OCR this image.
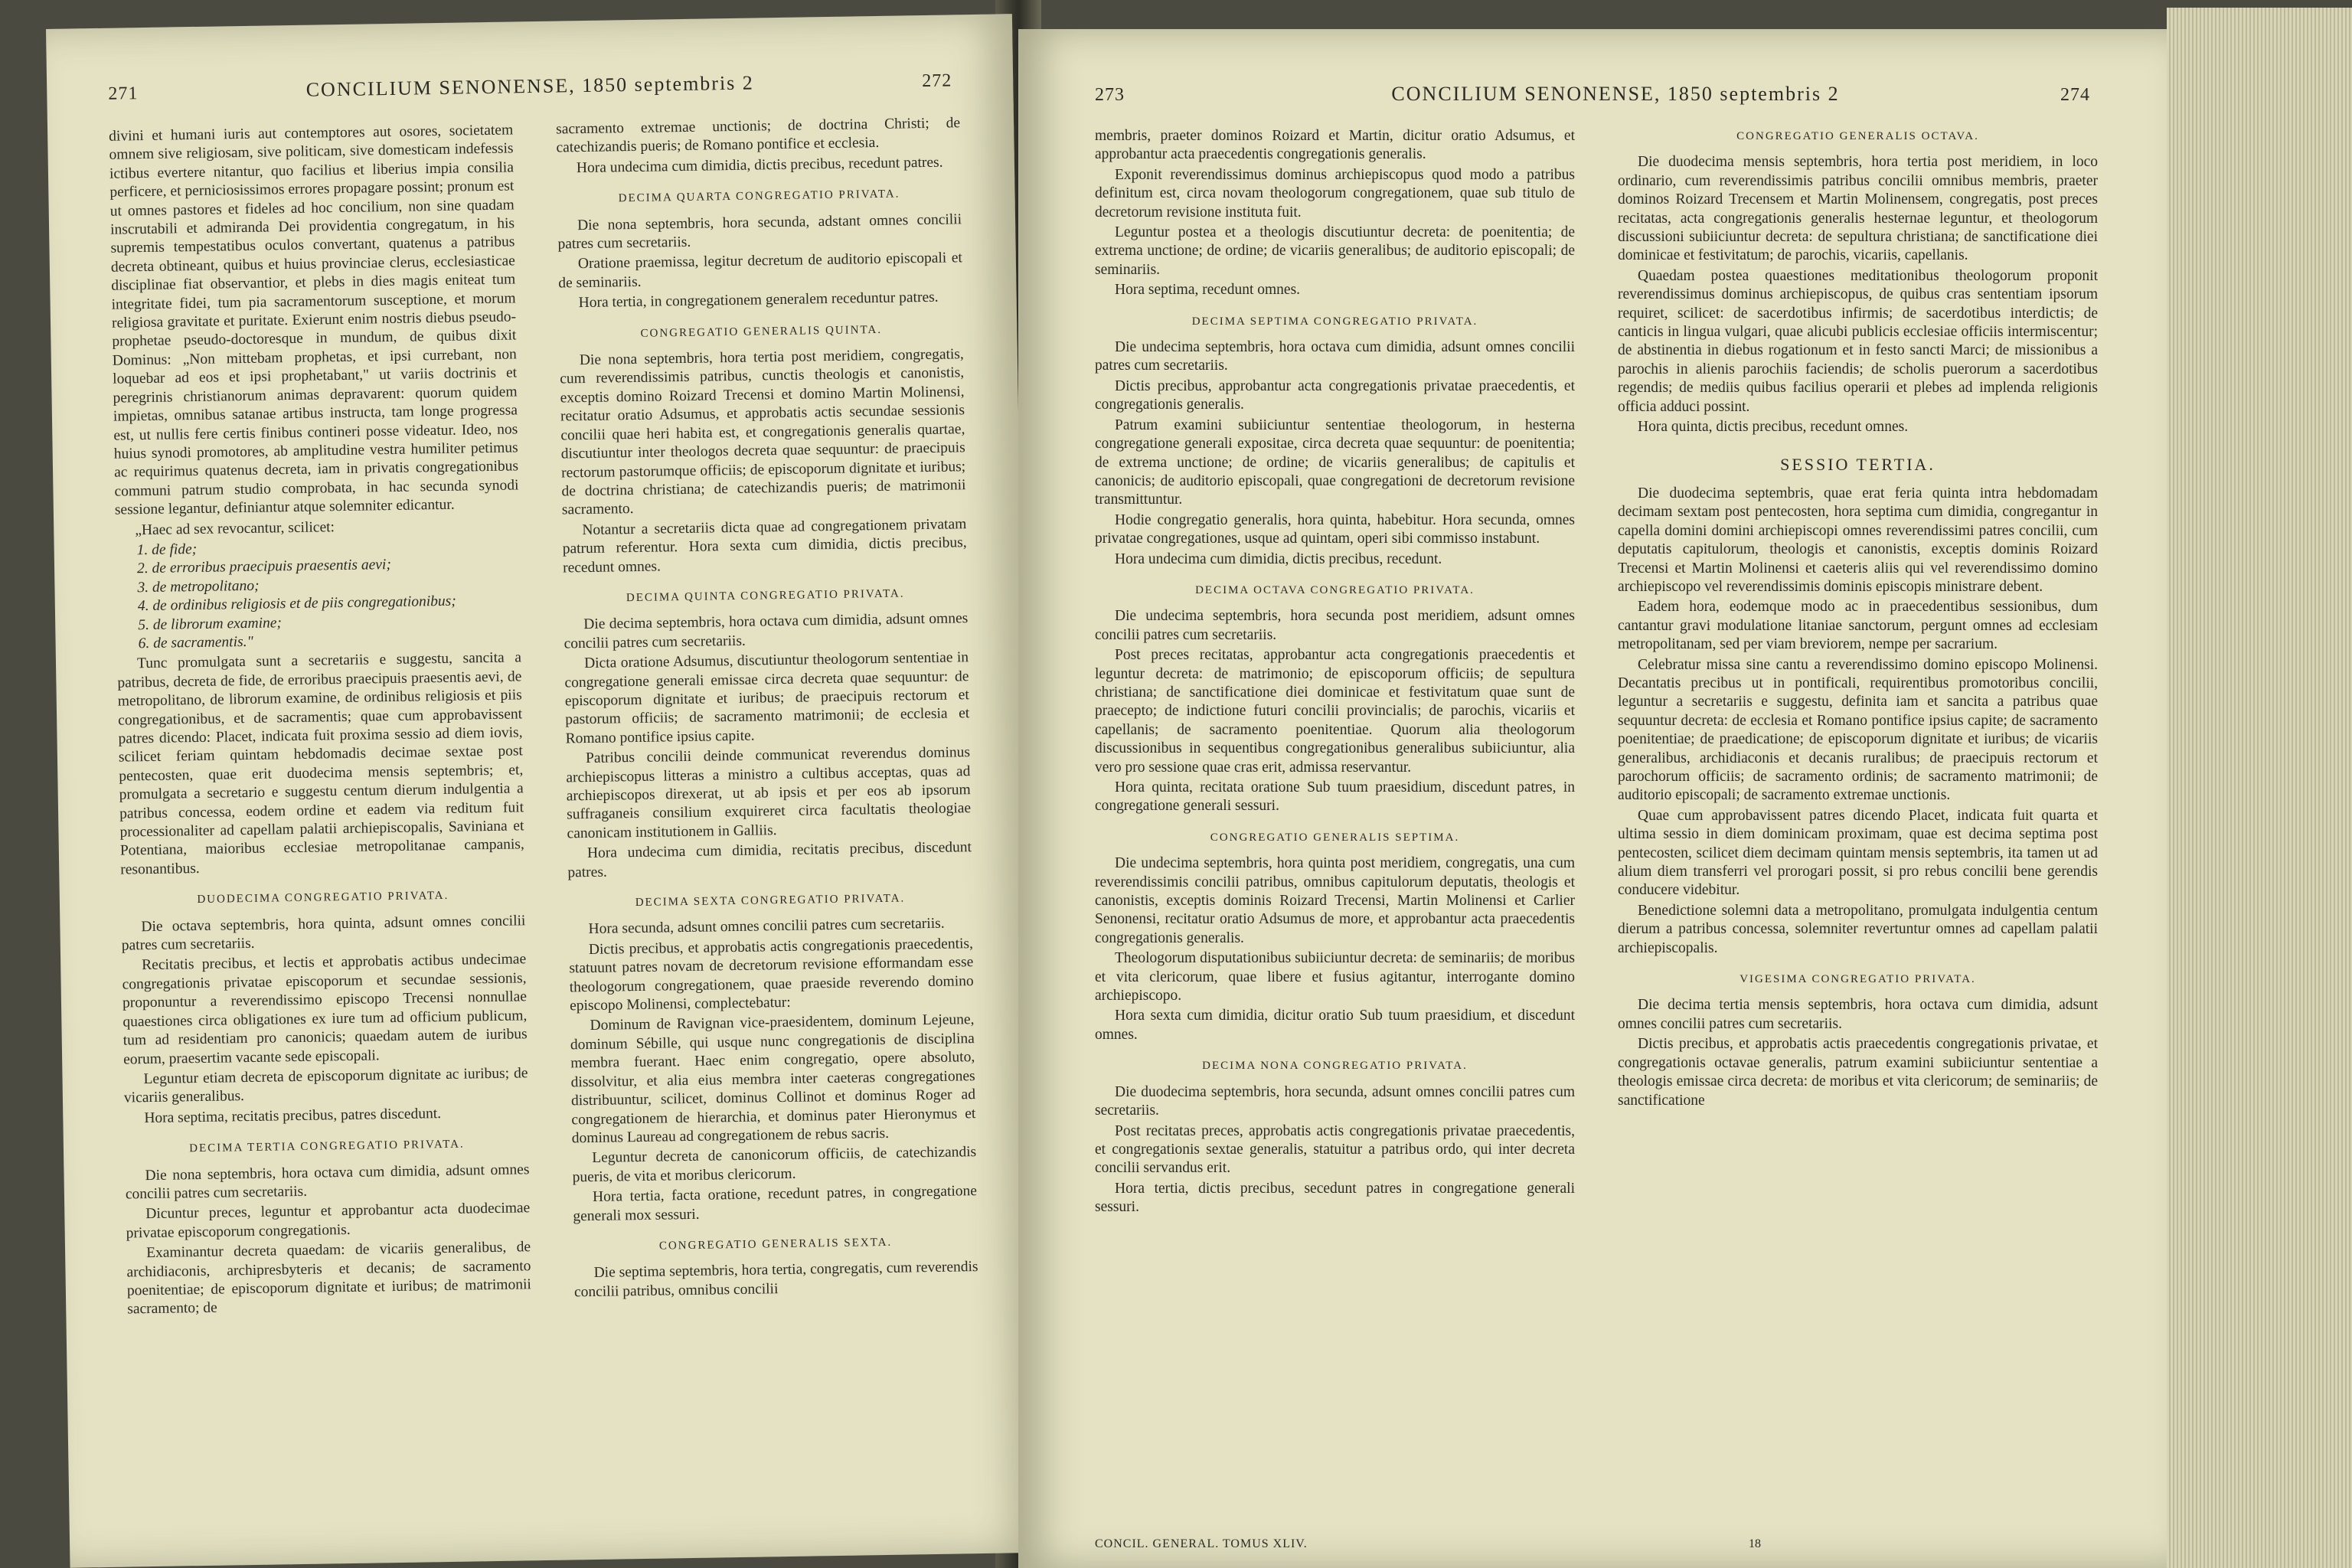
271	CONCILIUM SENONENSE, 1850 septembris 2	272

divini et humani iuris aut contemptores aut osores, societatem omnem sive religiosam, sive politicam, sive domesticam indefessis ictibus evertere nitantur, quo facilius et liberius impia consilia perficere, et perniciosissimos errores propagare possint; pronum est ut omnes pastores et fideles ad hoc concilium, non sine quadam inscrutabili et admiranda Dei providentia congregatum, in his supremis tempestatibus oculos convertant, quatenus a patribus decreta obtineant, quibus et huius provinciae clerus, ecclesiasticae disciplinae fiat observantior, et plebs in dies magis eniteat tum integritate fidei, tum pia sacramentorum susceptione, et morum religiosa gravitate et puritate. Exierunt enim nostris diebus pseudo-prophetae pseudo-doctoresque in mundum, de quibus dixit Dominus: „Non mittebam prophetas, et ipsi currebant, non loquebar ad eos et ipsi prophetabant," ut variis doctrinis et peregrinis christianorum animas depravarent: quorum quidem impietas, omnibus satanae artibus instructa, tam longe progressa est, ut nullis fere certis finibus contineri posse videatur. Ideo, nos huius synodi promotores, ab amplitudine vestra humiliter petimus ac requirimus quatenus decreta, iam in privatis congregationibus communi patrum studio comprobata, in hac secunda synodi sessione legantur, definiantur atque solemniter edicantur.

„Haec ad sex revocantur, scilicet:

1. de fide;
2. de erroribus praecipuis praesentis aevi;
3. de metropolitano;
4. de ordinibus religiosis et de piis congregationibus;
5. de librorum examine;
6. de sacramentis."

Tunc promulgata sunt a secretariis e suggestu, sancita a patribus, decreta de fide, de erroribus praecipuis praesentis aevi, de metropolitano, de librorum examine, de ordinibus religiosis et piis congregationibus, et de sacramentis; quae cum approbavissent patres dicendo: Placet, indicata fuit proxima sessio ad diem iovis, scilicet feriam quintam hebdomadis decimae sextae post pentecosten, quae erit duodecima mensis septembris; et, promulgata a secretario e suggestu centum dierum indulgentia a patribus concessa, eodem ordine et eadem via reditum fuit processionaliter ad capellam palatii archiepiscopalis, Saviniana et Potentiana, maioribus ecclesiae metropolitanae campanis, resonantibus.

DUODECIMA CONGREGATIO PRIVATA.

Die octava septembris, hora quinta, adsunt omnes concilii patres cum secretariis.

Recitatis precibus, et lectis et approbatis actibus undecimae congregationis privatae episcoporum et secundae sessionis, proponuntur a reverendissimo episcopo Trecensi nonnullae quaestiones circa obligationes ex iure tum ad officium publicum, tum ad residentiam pro canonicis; quaedam autem de iuribus eorum, praesertim vacante sede episcopali.

Leguntur etiam decreta de episcoporum dignitate ac iuribus; de vicariis generalibus.

Hora septima, recitatis precibus, patres discedunt.

DECIMA TERTIA CONGREGATIO PRIVATA.

Die nona septembris, hora octava cum dimidia, adsunt omnes concilii patres cum secretariis.

Dicuntur preces, leguntur et approbantur acta duodecimae privatae episcoporum congregationis.

Examinantur decreta quaedam: de vicariis generalibus, de archidiaconis, archipresbyteris et decanis; de sacramento poenitentiae; de episcoporum dignitate et iuribus; de matrimonii sacramento; de

sacramento extremae unctionis; de doctrina Christi; de catechizandis pueris; de Romano pontifice et ecclesia.

Hora undecima cum dimidia, dictis precibus, recedunt patres.

DECIMA QUARTA CONGREGATIO PRIVATA.

Die nona septembris, hora secunda, adstant omnes concilii patres cum secretariis.

Oratione praemissa, legitur decretum de auditorio episcopali et de seminariis.

Hora tertia, in congregationem generalem receduntur patres.

CONGREGATIO GENERALIS QUINTA.

Die nona septembris, hora tertia post meridiem, congregatis, cum reverendissimis patribus, cunctis theologis et canonistis, exceptis domino Roizard Trecensi et domino Martin Molinensi, recitatur oratio Adsumus, et approbatis actis secundae sessionis concilii quae heri habita est, et congregationis generalis quartae, discutiuntur inter theologos decreta quae sequuntur: de praecipuis rectorum pastorumque officiis; de episcoporum dignitate et iuribus; de doctrina christiana; de catechizandis pueris; de matrimonii sacramento.

Notantur a secretariis dicta quae ad congregationem privatam patrum referentur. Hora sexta cum dimidia, dictis precibus, recedunt omnes.

DECIMA QUINTA CONGREGATIO PRIVATA.

Die decima septembris, hora octava cum dimidia, adsunt omnes concilii patres cum secretariis.

Dicta oratione Adsumus, discutiuntur theologorum sententiae in congregatione generali emissae circa decreta quae sequuntur: de episcoporum dignitate et iuribus; de praecipuis rectorum et pastorum officiis; de sacramento matrimonii; de ecclesia et Romano pontifice ipsius capite.

Patribus concilii deinde communicat reverendus dominus archiepiscopus litteras a ministro a cultibus acceptas, quas ad archiepiscopos direxerat, ut ab ipsis et per eos ab ipsorum suffraganeis consilium exquireret circa facultatis theologiae canonicam institutionem in Galliis.

Hora undecima cum dimidia, recitatis precibus, discedunt patres.

DECIMA SEXTA CONGREGATIO PRIVATA.

Hora secunda, adsunt omnes concilii patres cum secretariis.

Dictis precibus, et approbatis actis congregationis praecedentis, statuunt patres novam de decretorum revisione efformandam esse theologorum congregationem, quae praeside reverendo domino episcopo Molinensi, complectebatur:

Dominum de Ravignan vice-praesidentem, dominum Lejeune, dominum Sébille, qui usque nunc congregationis de disciplina membra fuerant. Haec enim congregatio, opere absoluto, dissolvitur, et alia eius membra inter caeteras congregationes distribuuntur, scilicet, dominus Collinot et dominus Roger ad congregationem de hierarchia, et dominus pater Hieronymus et dominus Laureau ad congregationem de rebus sacris.

Leguntur decreta de canonicorum officiis, de catechizandis pueris, de vita et moribus clericorum.

Hora tertia, facta oratione, recedunt patres, in congregatione generali mox sessuri.

CONGREGATIO GENERALIS SEXTA.

Die septima septembris, hora tertia, congregatis, cum reverendis concilii patribus, omnibus concilii

273	CONCILIUM SENONENSE, 1850 septembris 2	274

membris, praeter dominos Roizard et Martin, dicitur oratio Adsumus, et approbantur acta praecedentis congregationis generalis.

Exponit reverendissimus dominus archiepiscopus quod modo a patribus definitum est, circa novam theologorum congregationem, quae sub titulo de decretorum revisione instituta fuit.

Leguntur postea et a theologis discutiuntur decreta: de poenitentia; de extrema unctione; de ordine; de vicariis generalibus; de auditorio episcopali; de seminariis.

Hora septima, recedunt omnes.

DECIMA SEPTIMA CONGREGATIO PRIVATA.

Die undecima septembris, hora octava cum dimidia, adsunt omnes concilii patres cum secretariis.

Dictis precibus, approbantur acta congregationis privatae praecedentis, et congregationis generalis.

Patrum examini subiiciuntur sententiae theologorum, in hesterna congregatione generali expositae, circa decreta quae sequuntur: de poenitentia; de extrema unctione; de ordine; de vicariis generalibus; de capitulis et canonicis; de auditorio episcopali, quae congregationi de decretorum revisione transmittuntur.

Hodie congregatio generalis, hora quinta, habebitur. Hora secunda, omnes privatae congregationes, usque ad quintam, operi sibi commisso instabunt.

Hora undecima cum dimidia, dictis precibus, recedunt.

DECIMA OCTAVA CONGREGATIO PRIVATA.

Die undecima septembris, hora secunda post meridiem, adsunt omnes concilii patres cum secretariis.

Post preces recitatas, approbantur acta congregationis praecedentis et leguntur decreta: de matrimonio; de episcoporum officiis; de sepultura christiana; de sanctificatione diei dominicae et festivitatum quae sunt de praecepto; de indictione futuri concilii provincialis; de parochis, vicariis et capellanis; de sacramento poenitentiae. Quorum alia theologorum discussionibus in sequentibus congregationibus generalibus subiiciuntur, alia vero pro sessione quae cras erit, admissa reservantur.

Hora quinta, recitata oratione Sub tuum praesidium, discedunt patres, in congregatione generali sessuri.

CONGREGATIO GENERALIS SEPTIMA.

Die undecima septembris, hora quinta post meridiem, congregatis, una cum reverendissimis concilii patribus, omnibus capitulorum deputatis, theologis et canonistis, exceptis dominis Roizard Trecensi, Martin Molinensi et Carlier Senonensi, recitatur oratio Adsumus de more, et approbantur acta praecedentis congregationis generalis.

Theologorum disputationibus subiiciuntur decreta: de seminariis; de moribus et vita clericorum, quae libere et fusius agitantur, interrogante domino archiepiscopo.

Hora sexta cum dimidia, dicitur oratio Sub tuum praesidium, et discedunt omnes.

DECIMA NONA CONGREGATIO PRIVATA.

Die duodecima septembris, hora secunda, adsunt omnes concilii patres cum secretariis.

Post recitatas preces, approbatis actis congregationis privatae praecedentis, et congregationis sextae generalis, statuitur a patribus ordo, qui inter decreta concilii servandus erit.

Hora tertia, dictis precibus, secedunt patres in congregatione generali sessuri.

CONGREGATIO GENERALIS OCTAVA.

Die duodecima mensis septembris, hora tertia post meridiem, in loco ordinario, cum reverendissimis patribus concilii omnibus membris, praeter dominos Roizard Trecensem et Martin Molinensem, congregatis, post preces recitatas, acta congregationis generalis hesternae leguntur, et theologorum discussioni subiiciuntur decreta: de sepultura christiana; de sanctificatione diei dominicae et festivitatum; de parochis, vicariis, capellanis.

Quaedam postea quaestiones meditationibus theologorum proponit reverendissimus dominus archiepiscopus, de quibus cras sententiam ipsorum requiret, scilicet: de sacerdotibus infirmis; de sacerdotibus interdictis; de canticis in lingua vulgari, quae alicubi publicis ecclesiae officiis intermiscentur; de abstinentia in diebus rogationum et in festo sancti Marci; de missionibus a parochis in alienis parochiis faciendis; de scholis puerorum a sacerdotibus regendis; de mediis quibus facilius operarii et plebes ad implenda religionis officia adduci possint.

Hora quinta, dictis precibus, recedunt omnes.

SESSIO TERTIA.

Die duodecima septembris, quae erat feria quinta intra hebdomadam decimam sextam post pentecosten, hora septima cum dimidia, congregantur in capella domini domini archiepiscopi omnes reverendissimi patres concilii, cum deputatis capitulorum, theologis et canonistis, exceptis dominis Roizard Trecensi et Martin Molinensi et caeteris aliis qui vel reverendissimo domino archiepiscopo vel reverendissimis dominis episcopis ministrare debent.

Eadem hora, eodemque modo ac in praecedentibus sessionibus, dum cantantur gravi modulatione litaniae sanctorum, pergunt omnes ad ecclesiam metropolitanam, sed per viam breviorem, nempe per sacrarium.

Celebratur missa sine cantu a reverendissimo domino episcopo Molinensi. Decantatis precibus ut in pontificali, requirentibus promotoribus concilii, leguntur a secretariis e suggestu, definita iam et sancita a patribus quae sequuntur decreta: de ecclesia et Romano pontifice ipsius capite; de sacramento poenitentiae; de praedicatione; de episcoporum dignitate et iuribus; de vicariis generalibus, archidiaconis et decanis ruralibus; de praecipuis rectorum et parochorum officiis; de sacramento ordinis; de sacramento matrimonii; de auditorio episcopali; de sacramento extremae unctionis.

Quae cum approbavissent patres dicendo Placet, indicata fuit quarta et ultima sessio in diem dominicam proximam, quae est decima septima post pentecosten, scilicet diem decimam quintam mensis septembris, ita tamen ut ad alium diem transferri vel prorogari possit, si pro rebus concilii bene gerendis conducere videbitur.

Benedictione solemni data a metropolitano, promulgata indulgentia centum dierum a patribus concessa, solemniter revertuntur omnes ad capellam palatii archiepiscopalis.

VIGESIMA CONGREGATIO PRIVATA.

Die decima tertia mensis septembris, hora octava cum dimidia, adsunt omnes concilii patres cum secretariis.

Dictis precibus, et approbatis actis praecedentis congregationis privatae, et congregationis octavae generalis, patrum examini subiiciuntur sententiae a theologis emissae circa decreta: de moribus et vita clericorum; de seminariis; de sanctificatione

CONCIL. GENERAL. TOMUS XLIV.	18
